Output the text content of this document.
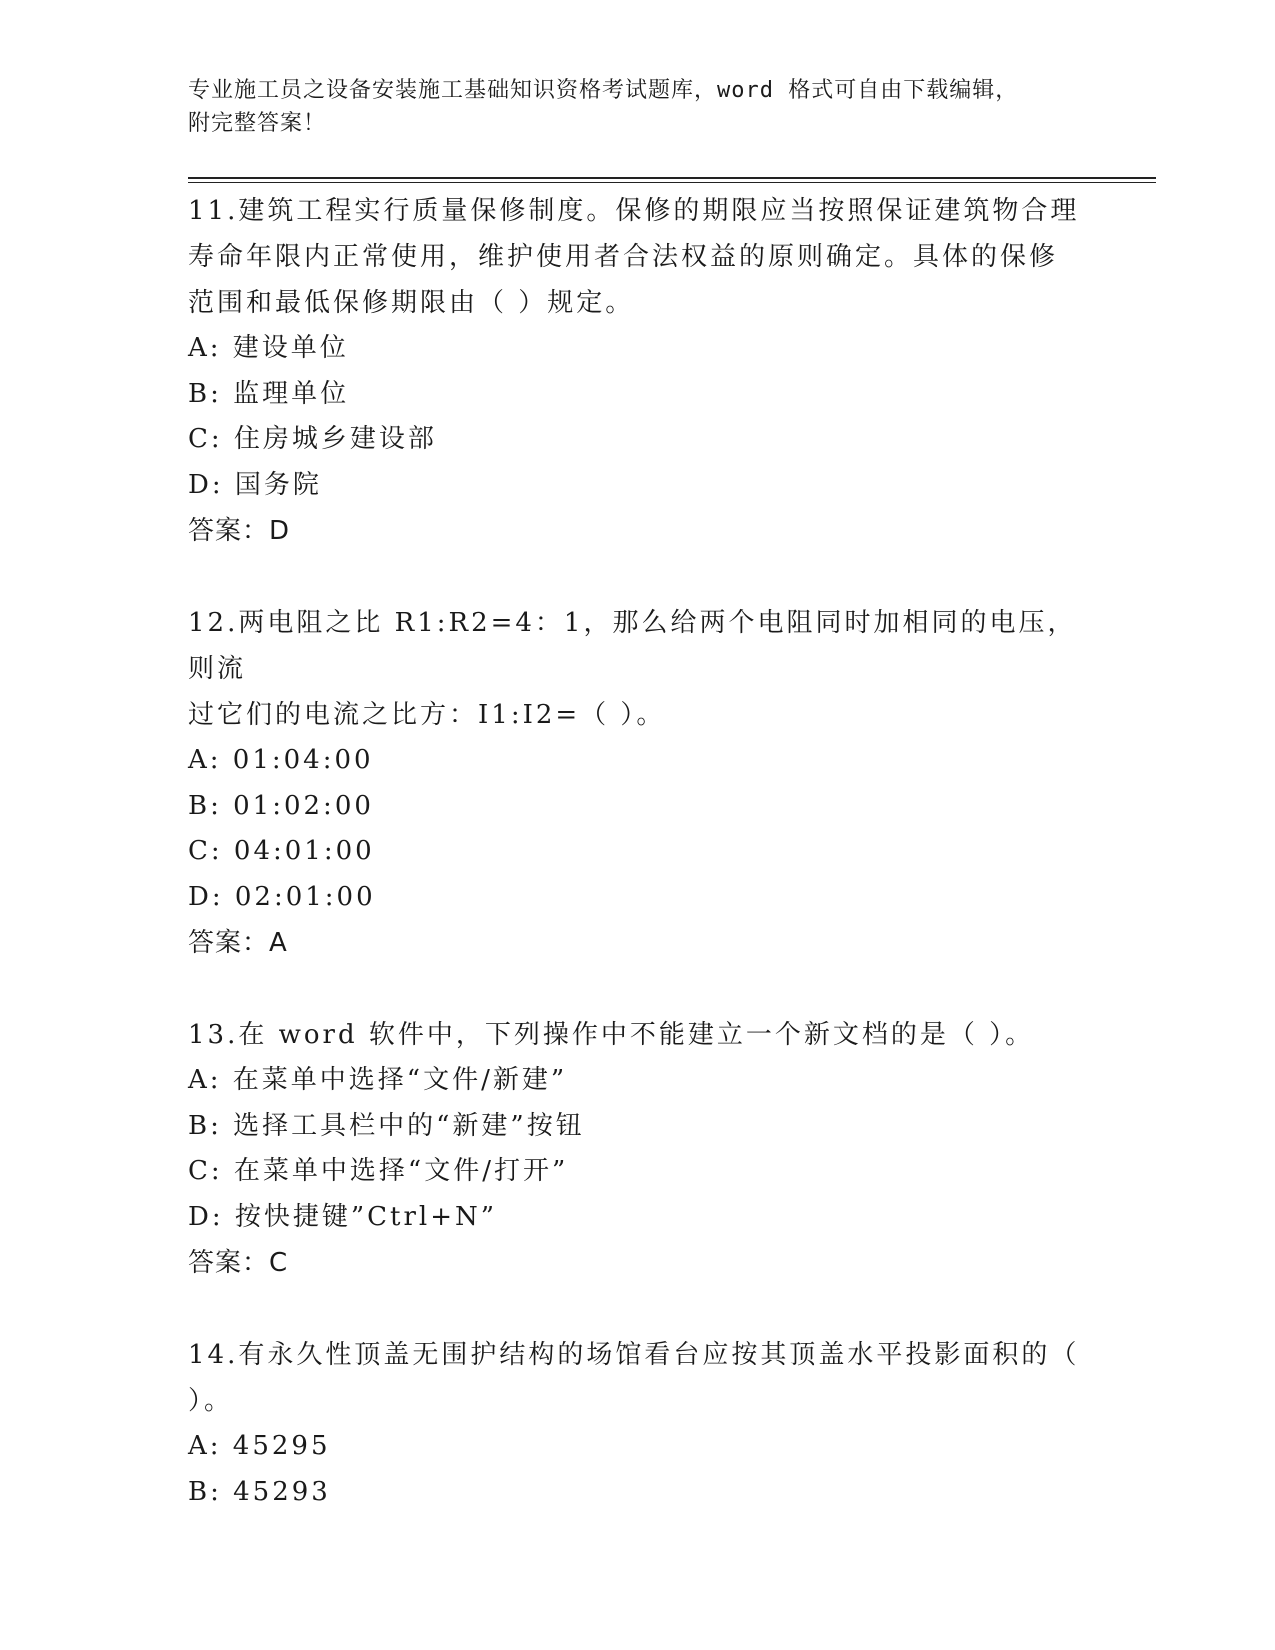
专业施工员之设备安装施工基础知识资格考试题库，word 格式可自由下载编辑，
附完整答案！

11.建筑工程实行质量保修制度。保修的期限应当按照保证建筑物合理

寿命年限内正常使用，维护使用者合法权益的原则确定。具体的保修

范围和最低保修期限由（ ）规定。

A: 建设单位

B: 监理单位

C: 住房城乡建设部

D: 国务院

答案：D

12.两电阻之比 R1:R2=4：1，那么给两个电阻同时加相同的电压，则流

过它们的电流之比方：I1:I2=（ ）。

A: 01:04:00

B: 01:02:00

C: 04:01:00

D: 02:01:00

答案：A

13.在 word 软件中，下列操作中不能建立一个新文档的是（ ）。

A: 在菜单中选择“文件/新建”

B: 选择工具栏中的“新建”按钮

C: 在菜单中选择“文件/打开”

D: 按快捷键”Ctrl+N”

答案：C

14.有永久性顶盖无围护结构的场馆看台应按其顶盖水平投影面积的（

）。

A: 45295

B: 45293
